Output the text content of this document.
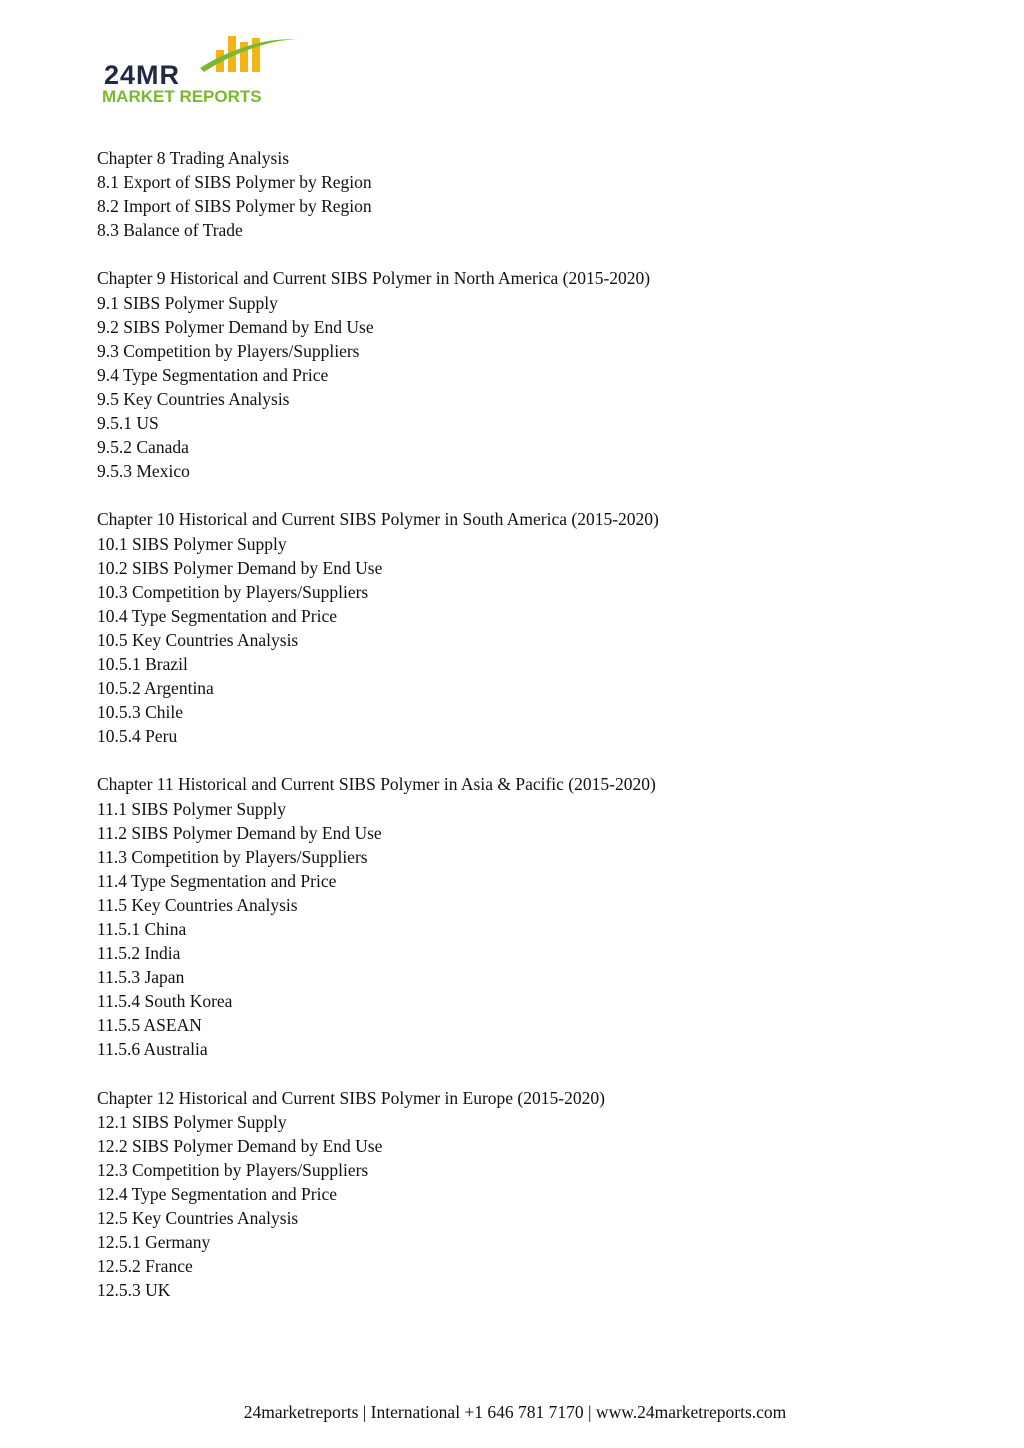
24MR
MARKET REPORTS
Chapter 8 Trading Analysis
8.1 Export of SIBS Polymer by Region
8.2 Import of SIBS Polymer by Region
8.3 Balance of Trade
Chapter 9 Historical and Current SIBS Polymer in North America (2015-2020)
9.1 SIBS Polymer Supply
9.2 SIBS Polymer Demand by End Use
9.3 Competition by Players/Suppliers
9.4 Type Segmentation and Price
9.5 Key Countries Analysis
9.5.1 US
9.5.2 Canada
9.5.3 Mexico
Chapter 10 Historical and Current SIBS Polymer in South America (2015-2020)
10.1 SIBS Polymer Supply
10.2 SIBS Polymer Demand by End Use
10.3 Competition by Players/Suppliers
10.4 Type Segmentation and Price
10.5 Key Countries Analysis
10.5.1 Brazil
10.5.2 Argentina
10.5.3 Chile
10.5.4 Peru
Chapter 11 Historical and Current SIBS Polymer in Asia & Pacific (2015-2020)
11.1 SIBS Polymer Supply
11.2 SIBS Polymer Demand by End Use
11.3 Competition by Players/Suppliers
11.4 Type Segmentation and Price
11.5 Key Countries Analysis
11.5.1 China
11.5.2 India
11.5.3 Japan
11.5.4 South Korea
11.5.5 ASEAN
11.5.6 Australia
Chapter 12 Historical and Current SIBS Polymer in Europe (2015-2020)
12.1 SIBS Polymer Supply
12.2 SIBS Polymer Demand by End Use
12.3 Competition by Players/Suppliers
12.4 Type Segmentation and Price
12.5 Key Countries Analysis
12.5.1 Germany
12.5.2 France
12.5.3 UK
24marketreports | International +1 646 781 7170 | www.24marketreports.com
